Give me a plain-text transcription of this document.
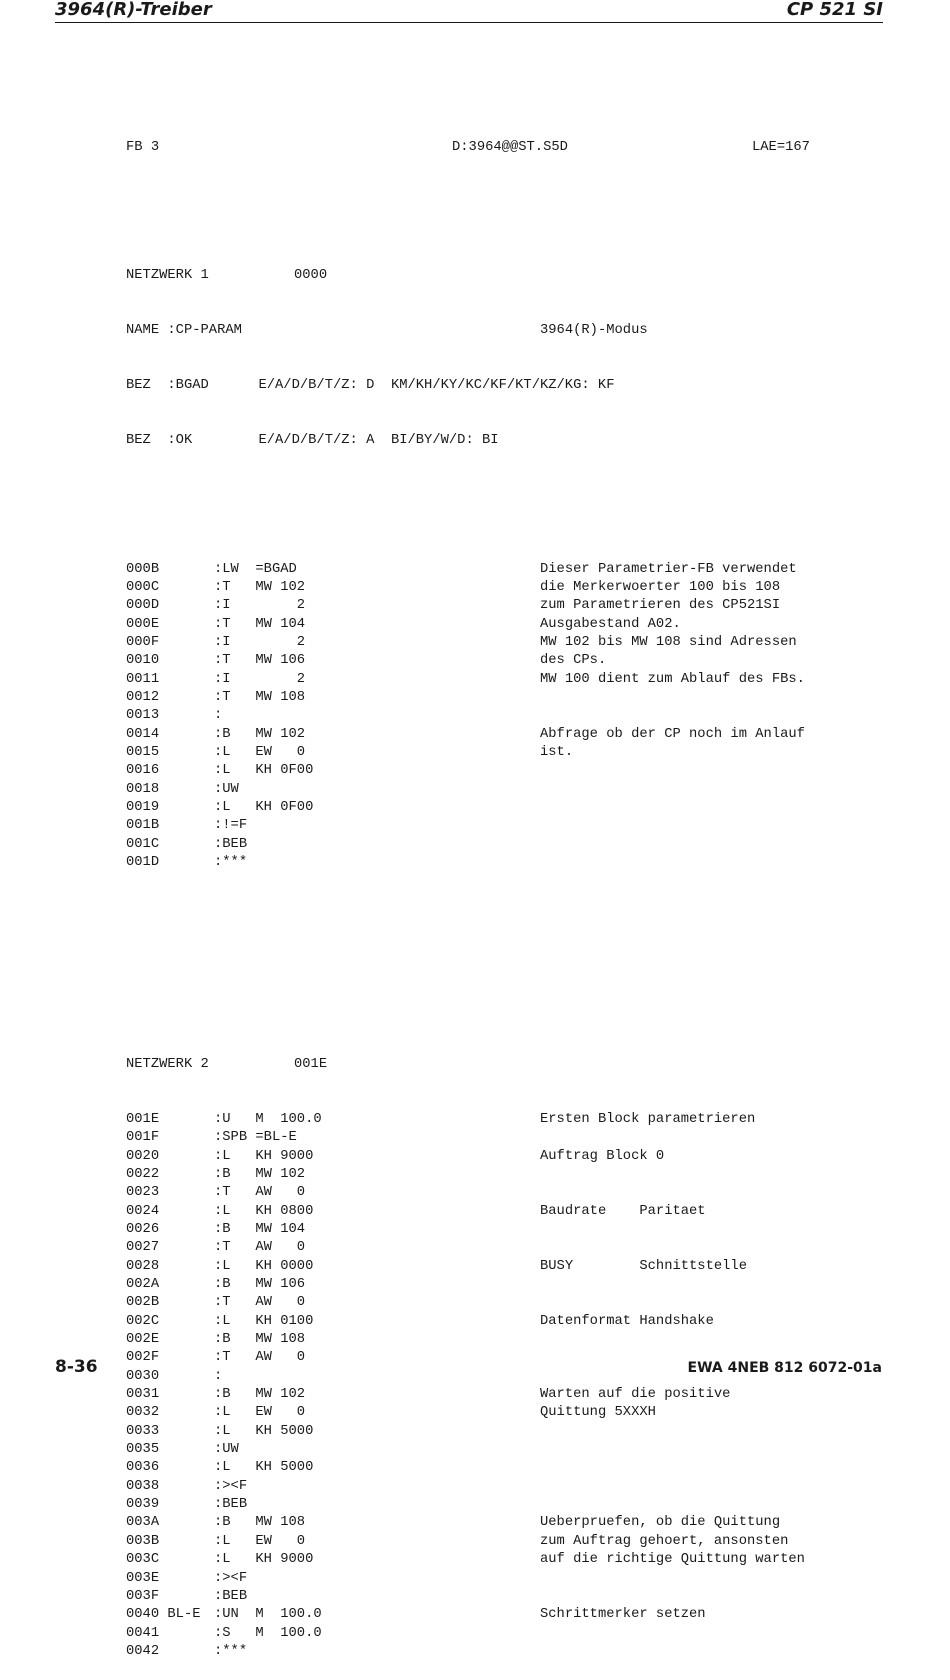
3964(R)-Treiber	CP 521 SI

FB 3

	D:3964@@ST.S5D

	LAE=167

NETZWERK 1

	0000

NAME :CP-PARAM

	3964(R)-Modus

BEZ  :BGAD      E/A/D/B/T/Z: D  KM/KH/KY/KC/KF/KT/KZ/KG: KF

BEZ  :OK        E/A/D/B/T/Z: A  BI/BY/W/D: BI

000B	:LW  =BGAD	Dieser Parametrier-FB verwendet
000C	:T   MW 102	die Merkerwoerter 100 bis 108
000D	:I        2	zum Parametrieren des CP521SI
000E	:T   MW 104	Ausgabestand A02.
000F	:I        2	MW 102 bis MW 108 sind Adressen
0010	:T   MW 106	des CPs.
0011	:I        2	MW 100 dient zum Ablauf des FBs.
0012	:T   MW 108
0013	:
0014	:B   MW 102	Abfrage ob der CP noch im Anlauf
0015	:L   EW   0	ist.
0016	:L   KH 0F00
0018	:UW
0019	:L   KH 0F00
001B	:!=F
001C	:BEB
001D	:***

NETZWERK 2

	001E

001E	:U   M  100.0	Ersten Block parametrieren
001F	:SPB =BL-E
0020	:L   KH 9000	Auftrag Block 0
0022	:B   MW 102
0023	:T   AW   0
0024	:L   KH 0800	Baudrate    Paritaet
0026	:B   MW 104
0027	:T   AW   0
0028	:L   KH 0000	BUSY        Schnittstelle
002A	:B   MW 106
002B	:T   AW   0
002C	:L   KH 0100	Datenformat Handshake
002E	:B   MW 108
002F	:T   AW   0
0030	:
0031	:B   MW 102	Warten auf die positive
0032	:L   EW   0	Quittung 5XXXH
0033	:L   KH 5000
0035	:UW
0036	:L   KH 5000
0038	:><F
0039	:BEB
003A	:B   MW 108	Ueberpruefen, ob die Quittung
003B	:L   EW   0	zum Auftrag gehoert, ansonsten
003C	:L   KH 9000	auf die richtige Quittung warten
003E	:><F
003F	:BEB
0040 BL-E :UN  M  100.0	Schrittmerker setzen
0041	:S   M  100.0
0042	:***

8-36	EWA 4NEB 812 6072-01a
